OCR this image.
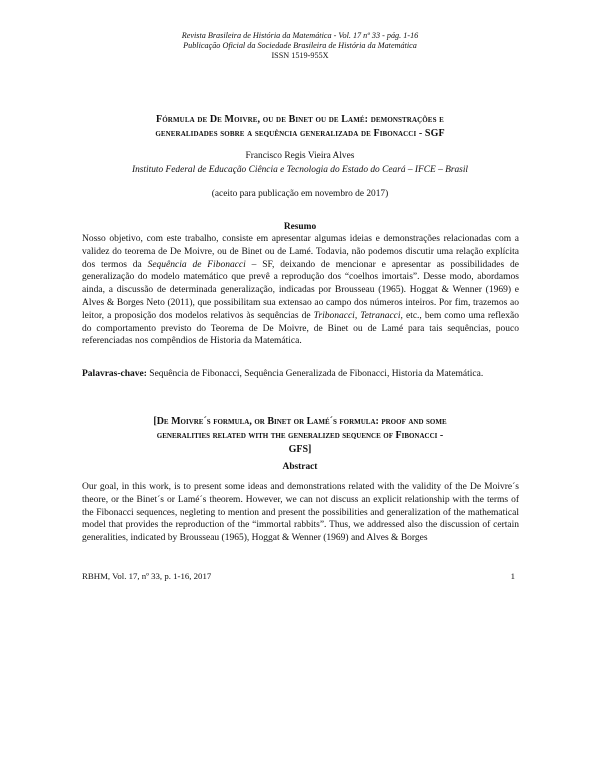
Revista Brasileira de História da Matemática - Vol. 17 nº 33 - pág. 1-16
Publicação Oficial da Sociedade Brasileira de História da Matemática
ISSN 1519-955X
Fórmula de De Moivre, ou de Binet ou de Lamé: demonstrações e
generalidades sobre a sequência generalizada de Fibonacci - SGF
Francisco Regis Vieira Alves
Instituto Federal de Educação Ciência e Tecnologia do Estado do Ceará – IFCE – Brasil
(aceito para publicação em novembro de 2017)
Resumo
Nosso objetivo, com este trabalho, consiste em apresentar algumas ideias e demonstrações relacionadas com a validez do teorema de De Moivre, ou de Binet ou de Lamé. Todavia, não podemos discutir uma relação explícita dos termos da Sequência de Fibonacci – SF, deixando de mencionar e apresentar as possibilidades de generalização do modelo matemático que prevê a reprodução dos “coelhos imortais”. Desse modo, abordamos ainda, a discussão de determinada generalização, indicadas por Brousseau (1965). Hoggat & Wenner (1969) e Alves & Borges Neto (2011), que possibilitam sua extensao ao campo dos números inteiros. Por fim, trazemos ao leitor, a proposição dos modelos relativos às sequências de Tribonacci, Tetranacci, etc., bem como uma reflexão do comportamento previsto do Teorema de De Moivre, de Binet ou de Lamé para tais sequências, pouco referenciadas nos compêndios de Historia da Matemática.
Palavras-chave: Sequência de Fibonacci, Sequência Generalizada de Fibonacci, Historia da Matemática.
[De Moivre´s formula, or Binet or Lamé´s formula: proof and some
generalities related with the generalized sequence of Fibonacci -
GFS]
Abstract
Our goal, in this work, is to present some ideas and demonstrations related with the validity of the De Moivre´s theore, or the Binet´s or Lamé´s theorem. However, we can not discuss an explicit relationship with the terms of the Fibonacci sequences, negleting to mention and present the possibilities and generalization of the mathematical model that provides the reproduction of the “immortal rabbits”. Thus, we addressed also the discussion of certain generalities, indicated by Brousseau (1965), Hoggat & Wenner (1969) and Alves & Borges
RBHM, Vol. 17, nº 33, p. 1-16, 2017	1
